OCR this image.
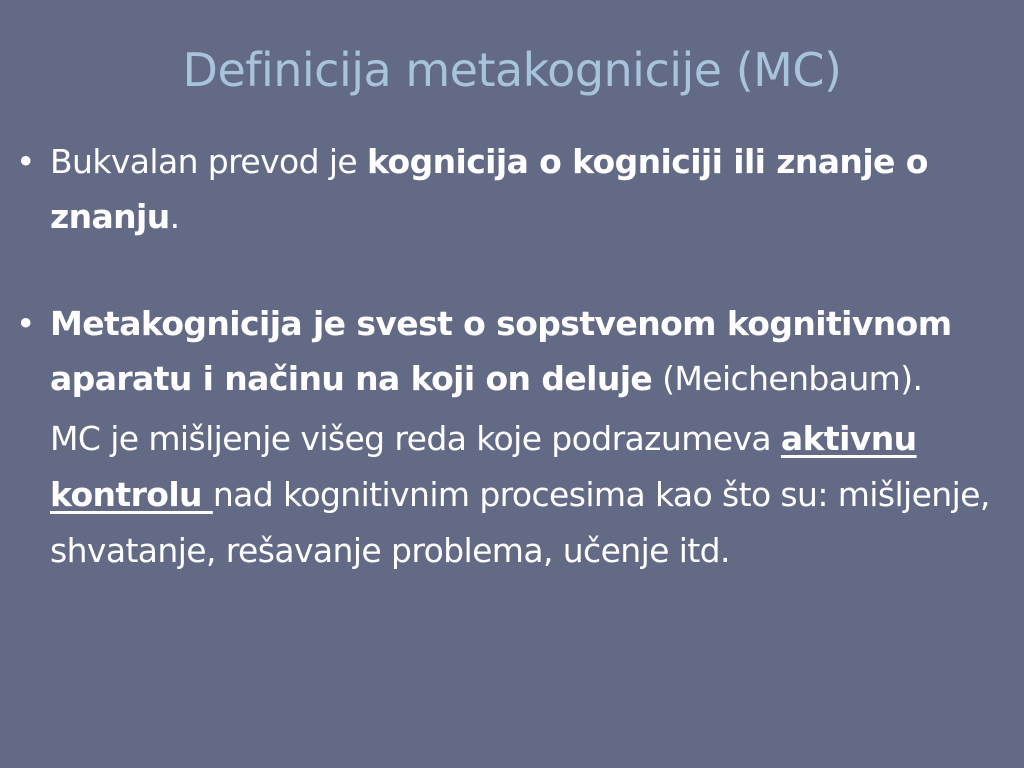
Definicija metakognicije (MC)
• Bukvalan prevod je kognicija o kogniciji ili znanje o znanju.
• Metakognicija je svest o sopstvenom kognitivnom aparatu i načinu na koji on deluje (Meichenbaum).
MC je mišljenje višeg reda koje podrazumeva aktivnu kontrolu nad kognitivnim procesima kao što su: mišljenje, shvatanje, rešavanje problema, učenje itd.
